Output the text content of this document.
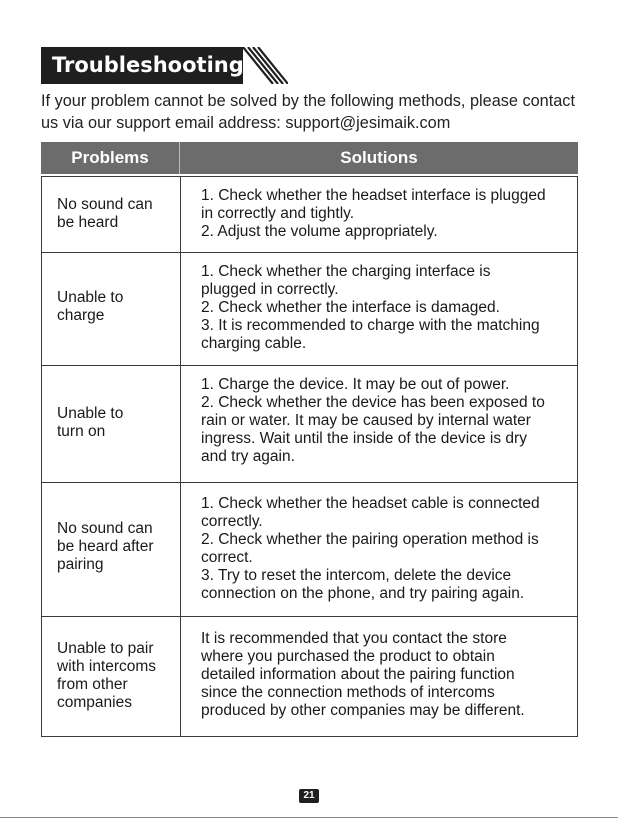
Troubleshooting
If your problem cannot be solved by the following methods, please contact us via our support email address: support@jesimaik.com
Problems	Solutions
No sound can
be heard
1. Check whether the headset interface is plugged
in correctly and tightly.
2. Adjust the volume appropriately.
Unable to
charge
1. Check whether the charging interface is
plugged in correctly.
2. Check whether the interface is damaged.
3. It is recommended to charge with the matching
charging cable.
Unable to
turn on
1. Charge the device. It may be out of power.
2. Check whether the device has been exposed to
rain or water. It may be caused by internal water
ingress. Wait until the inside of the device is dry
and try again.
No sound can
be heard after
pairing
1. Check whether the headset cable is connected
correctly.
2. Check whether the pairing operation method is
correct.
3. Try to reset the intercom, delete the device
connection on the phone, and try pairing again.
Unable to pair
with intercoms
from other
companies
It is recommended that you contact the store
where you purchased the product to obtain
detailed information about the pairing function
since the connection methods of intercoms
produced by other companies may be different.
21
